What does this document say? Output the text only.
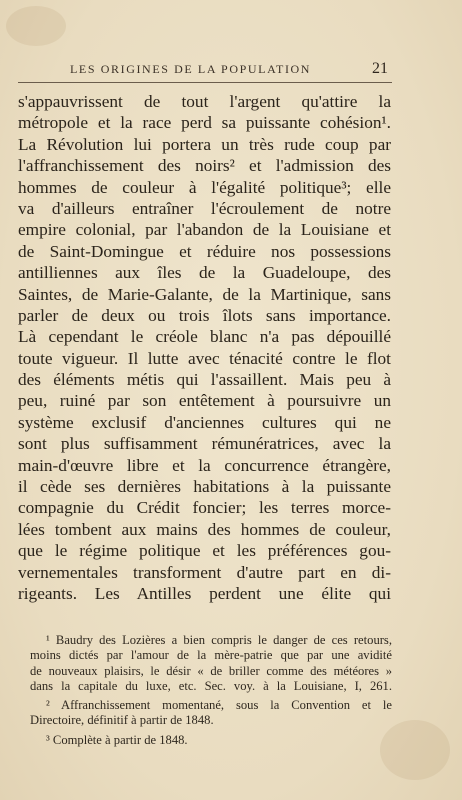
LES ORIGINES DE LA POPULATION	21
s'appauvrissent de tout l'argent qu'attire la
métropole et la race perd sa puissante cohésion¹.
La Révolution lui portera un très rude coup par
l'affranchissement des noirs² et l'admission des
hommes de couleur à l'égalité politique³; elle
va d'ailleurs entraîner l'écroulement de notre
empire colonial, par l'abandon de la Louisiane et
de Saint-Domingue et réduire nos possessions
antilliennes aux îles de la Guadeloupe, des
Saintes, de Marie-Galante, de la Martinique, sans
parler de deux ou trois îlots sans importance.
Là cependant le créole blanc n'a pas dépouillé
toute vigueur. Il lutte avec ténacité contre le flot
des éléments métis qui l'assaillent. Mais peu à
peu, ruiné par son entêtement à poursuivre un
système exclusif d'anciennes cultures qui ne
sont plus suffisamment rémunératrices, avec la
main-d'œuvre libre et la concurrence étrangère,
il cède ses dernières habitations à la puissante
compagnie du Crédit foncier; les terres morce-
lées tombent aux mains des hommes de couleur,
que le régime politique et les préférences gou-
vernementales transforment d'autre part en di-
rigeants. Les Antilles perdent une élite qui
¹ Baudry des Lozières a bien compris le danger de ces retours,
moins dictés par l'amour de la mère-patrie que par une avidité
de nouveaux plaisirs, le désir « de briller comme des météores »
dans la capitale du luxe, etc. Sec. voy. à la Louisiane, I, 261.
² Affranchissement momentané, sous la Convention et le
Directoire, définitif à partir de 1848.
³ Complète à partir de 1848.
